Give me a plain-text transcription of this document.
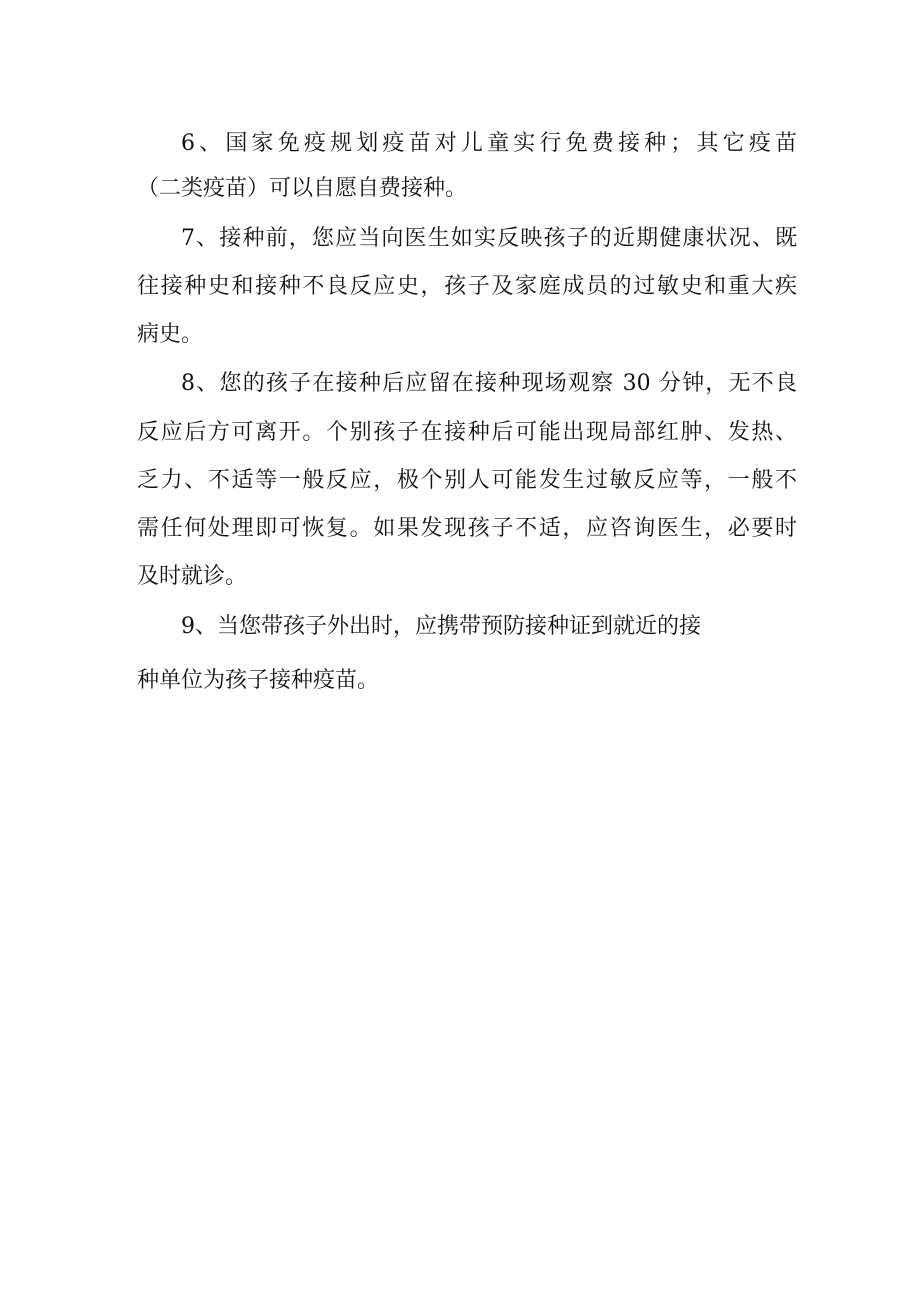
6、国家免疫规划疫苗对儿童实行免费接种；其它疫苗

（二类疫苗）可以自愿自费接种。

7、接种前，您应当向医生如实反映孩子的近期健康状况、既

往接种史和接种不良反应史，孩子及家庭成员的过敏史和重大疾

病史。

8、您的孩子在接种后应留在接种现场观察 30 分钟，无不良

反应后方可离开。个别孩子在接种后可能出现局部红肿、发热、

乏力、不适等一般反应，极个别人可能发生过敏反应等，一般不

需任何处理即可恢复。如果发现孩子不适，应咨询医生，必要时

及时就诊。

9、当您带孩子外出时，应携带预防接种证到就近的接

种单位为孩子接种疫苗。
